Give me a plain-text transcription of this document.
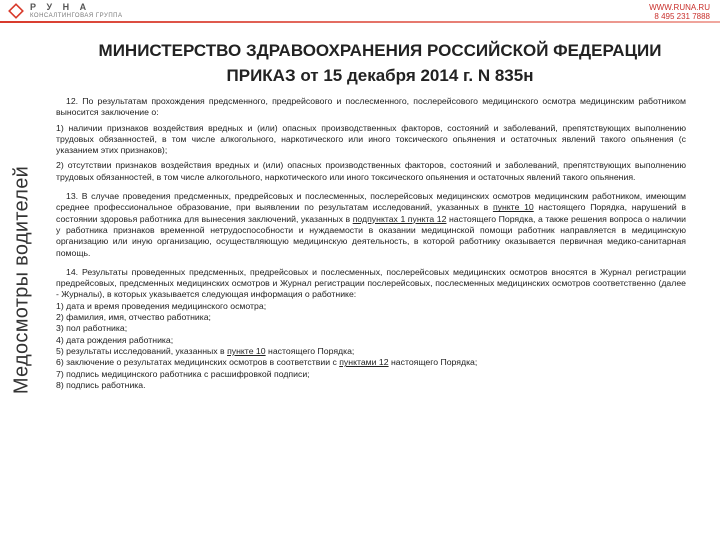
Р У Н А
КОНСАЛТИНГОВАЯ ГРУППА
WWW.RUNA.RU
8 495 231 7888
Медосмотры водителей
МИНИСТЕРСТВО ЗДРАВООХРАНЕНИЯ РОССИЙСКОЙ ФЕДЕРАЦИИ
ПРИКАЗ от 15 декабря 2014 г. N 835н

12. По результатам прохождения предсменного, предрейсового и послесменного, послерейсового медицинского осмотра медицинским работником выносится заключение о:

1) наличии признаков воздействия вредных и (или) опасных производственных факторов, состояний и заболеваний, препятствующих выполнению трудовых обязанностей, в том числе алкогольного, наркотического или иного токсического опьянения и остаточных явлений такого опьянения (с указанием этих признаков);

2) отсутствии признаков воздействия вредных и (или) опасных производственных факторов, состояний и заболеваний, препятствующих выполнению трудовых обязанностей, в том числе алкогольного, наркотического или иного токсического опьянения и остаточных явлений такого опьянения.

13. В случае проведения предсменных, предрейсовых и послесменных, послерейсовых медицинских осмотров медицинским работником, имеющим среднее профессиональное образование, при выявлении по результатам исследований, указанных в пункте 10 настоящего Порядка, нарушений в состоянии здоровья работника для вынесения заключений, указанных в подпунктах 1 пункта 12 настоящего Порядка, а также решения вопроса о наличии у работника признаков временной нетрудоспособности и нуждаемости в оказании медицинской помощи работник направляется в медицинскую организацию или иную организацию, осуществляющую медицинскую деятельность, в которой работнику оказывается первичная медико-санитарная помощь.

14. Результаты проведенных предсменных, предрейсовых и послесменных, послерейсовых медицинских осмотров вносятся в Журнал регистрации предрейсовых, предсменных медицинских осмотров и Журнал регистрации послерейсовых, послесменных медицинских осмотров соответственно (далее - Журналы), в которых указывается следующая информация о работнике:

1) дата и время проведения медицинского осмотра;
2) фамилия, имя, отчество работника;
3) пол работника;
4) дата рождения работника;
5) результаты исследований, указанных в пункте 10 настоящего Порядка;
6) заключение о результатах медицинских осмотров в соответствии с пунктами 12 настоящего Порядка;
7) подпись медицинского работника с расшифровкой подписи;
8) подпись работника.
